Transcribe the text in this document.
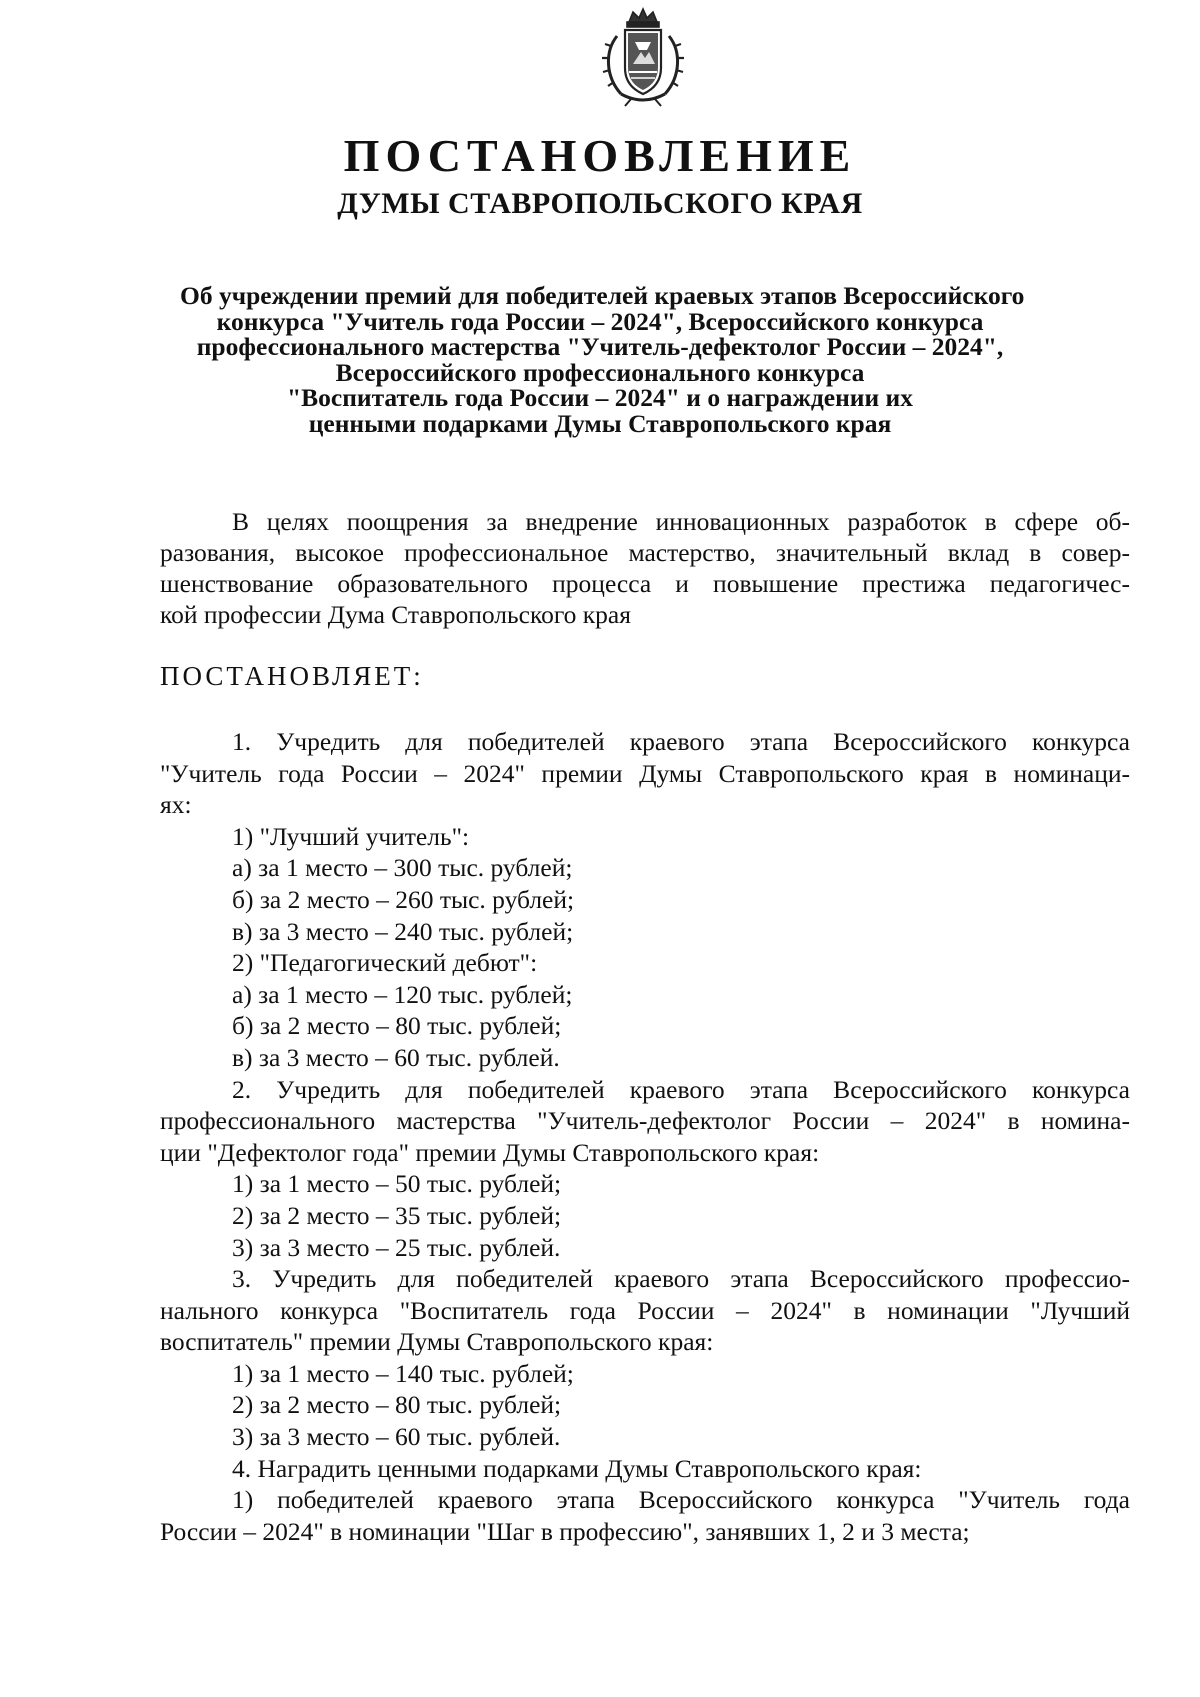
ПОСТАНОВЛЕНИЕ
ДУМЫ СТАВРОПОЛЬСКОГО КРАЯ
Об учреждении премий для победителей краевых этапов Всероссийского
конкурса "Учитель года России – 2024", Всероссийского конкурса
профессионального мастерства "Учитель-дефектолог России – 2024",
Всероссийского профессионального конкурса
"Воспитатель года России – 2024" и о награждении их
ценными подарками Думы Ставропольского края
В целях поощрения за внедрение инновационных разработок в сфере об-
разования, высокое профессиональное мастерство, значительный вклад в совер-
шенствование образовательного процесса и повышение престижа педагогичес-
кой профессии Дума Ставропольского края
ПОСТАНОВЛЯЕТ:
1. Учредить для победителей краевого этапа Всероссийского конкурса
"Учитель года России – 2024" премии Думы Ставропольского края в номинаци-
ях:
1) "Лучший учитель":
а) за 1 место – 300 тыс. рублей;
б) за 2 место – 260 тыс. рублей;
в) за 3 место – 240 тыс. рублей;
2) "Педагогический дебют":
а) за 1 место – 120 тыс. рублей;
б) за 2 место – 80 тыс. рублей;
в) за 3 место – 60 тыс. рублей.
2. Учредить для победителей краевого этапа Всероссийского конкурса
профессионального мастерства "Учитель-дефектолог России – 2024" в номина-
ции "Дефектолог года" премии Думы Ставропольского края:
1) за 1 место – 50 тыс. рублей;
2) за 2 место – 35 тыс. рублей;
3) за 3 место – 25 тыс. рублей.
3. Учредить для победителей краевого этапа Всероссийского профессио-
нального конкурса "Воспитатель года России – 2024" в номинации "Лучший
воспитатель" премии Думы Ставропольского края:
1) за 1 место – 140 тыс. рублей;
2) за 2 место – 80 тыс. рублей;
3) за 3 место – 60 тыс. рублей.
4. Наградить ценными подарками Думы Ставропольского края:
1) победителей краевого этапа Всероссийского конкурса "Учитель года
России – 2024" в номинации "Шаг в профессию", занявших 1, 2 и 3 места;
